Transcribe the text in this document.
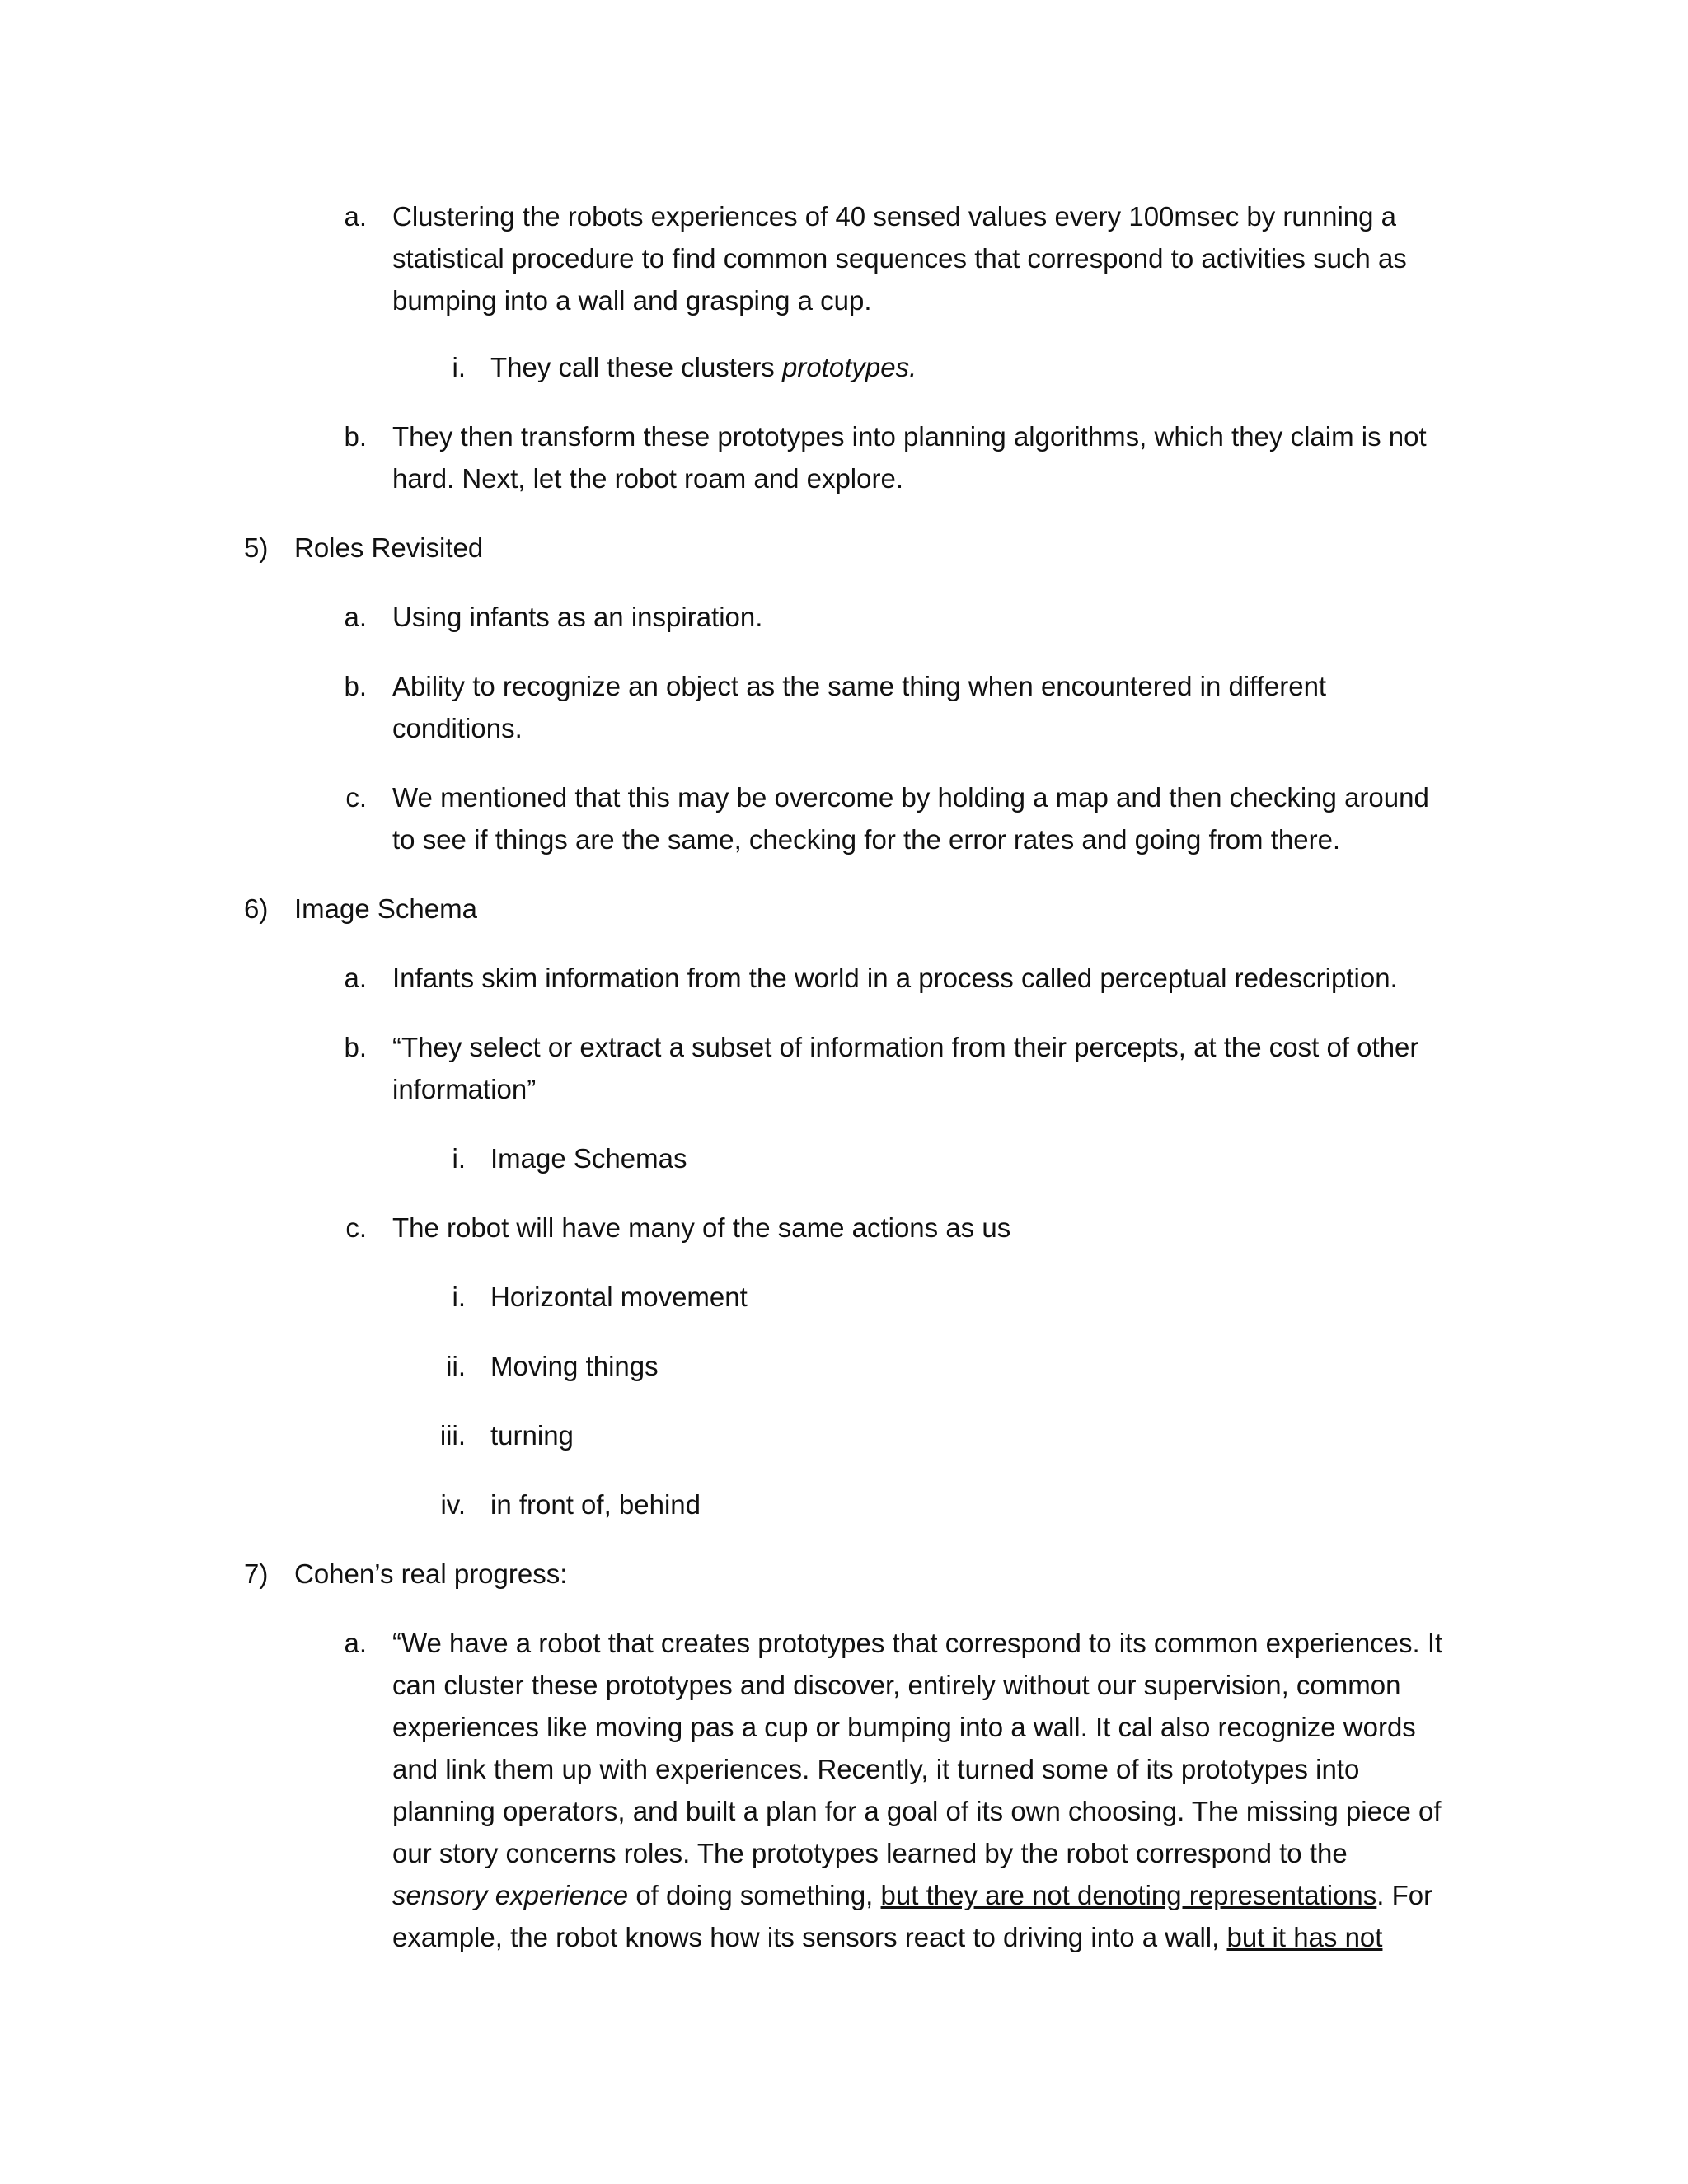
a. Clustering the robots experiences of 40 sensed values every 100msec by running a
statistical procedure to find common sequences that correspond to activities such as
bumping into a wall and grasping a cup.
i. They call these clusters prototypes.
b. They then transform these prototypes into planning algorithms, which they claim is not
hard. Next, let the robot roam and explore.
5) Roles Revisited
a. Using infants as an inspiration.
b. Ability to recognize an object as the same thing when encountered in different
conditions.
c. We mentioned that this may be overcome by holding a map and then checking around
to see if things are the same, checking for the error rates and going from there.
6) Image Schema
a. Infants skim information from the world in a process called perceptual redescription.
b. “They select or extract a subset of information from their percepts, at the cost of other
information”
i. Image Schemas
c. The robot will have many of the same actions as us
i. Horizontal movement
ii. Moving things
iii. turning
iv. in front of, behind
7) Cohen’s real progress:
a. “We have a robot that creates prototypes that correspond to its common experiences. It
can cluster these prototypes and discover, entirely without our supervision, common
experiences like moving pas a cup or bumping into a wall. It cal also recognize words
and link them up with experiences. Recently, it turned some of its prototypes into
planning operators, and built a plan for a goal of its own choosing. The missing piece of
our story concerns roles. The prototypes learned by the robot correspond to the
sensory experience of doing something, but they are not denoting representations. For
example, the robot knows how its sensors react to driving into a wall, but it has not
